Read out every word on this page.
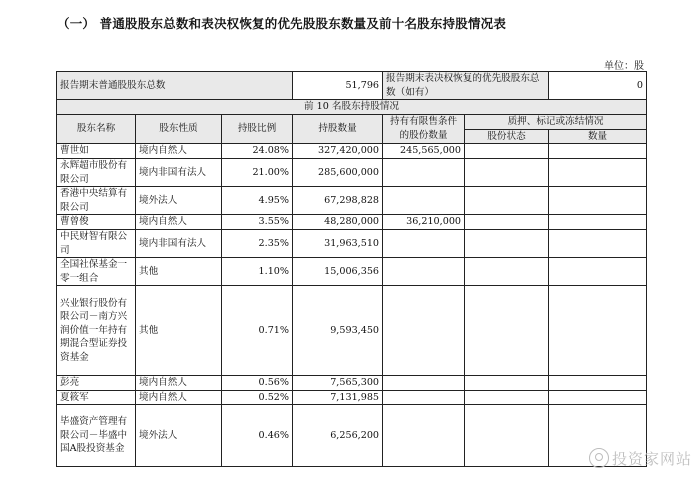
（一） 普通股股东总数和表决权恢复的优先股股东数量及前十名股东持股情况表
单位：股
报告期末普通股股东总数			51,796	报告期末表决权恢复的优先股股东总数（如有）		0
前 10 名股东持股情况						
股东名称	股东性质	持股比例	持股数量	持有有限售条件的股份数量	质押、标记或冻结情况	
					股份状态	数量
曹世如	境内自然人	24.08%	327,420,000	245,565,000		
永辉超市股份有限公司	境内非国有法人	21.00%	285,600,000			
香港中央结算有限公司	境外法人	4.95%	67,298,828			
曹曾俊	境内自然人	3.55%	48,280,000	36,210,000		
中民财智有限公司	境内非国有法人	2.35%	31,963,510			
全国社保基金一零一组合	其他	1.10%	15,006,356			
兴业银行股份有限公司－南方兴润价值一年持有期混合型证券投资基金	其他	0.71%	9,593,450			
彭亮	境内自然人	0.56%	7,565,300			
夏筱军	境内自然人	0.52%	7,131,985			
毕盛资产管理有限公司－毕盛中国A股投资基金	境外法人	0.46%	6,256,200			
投资家网站
